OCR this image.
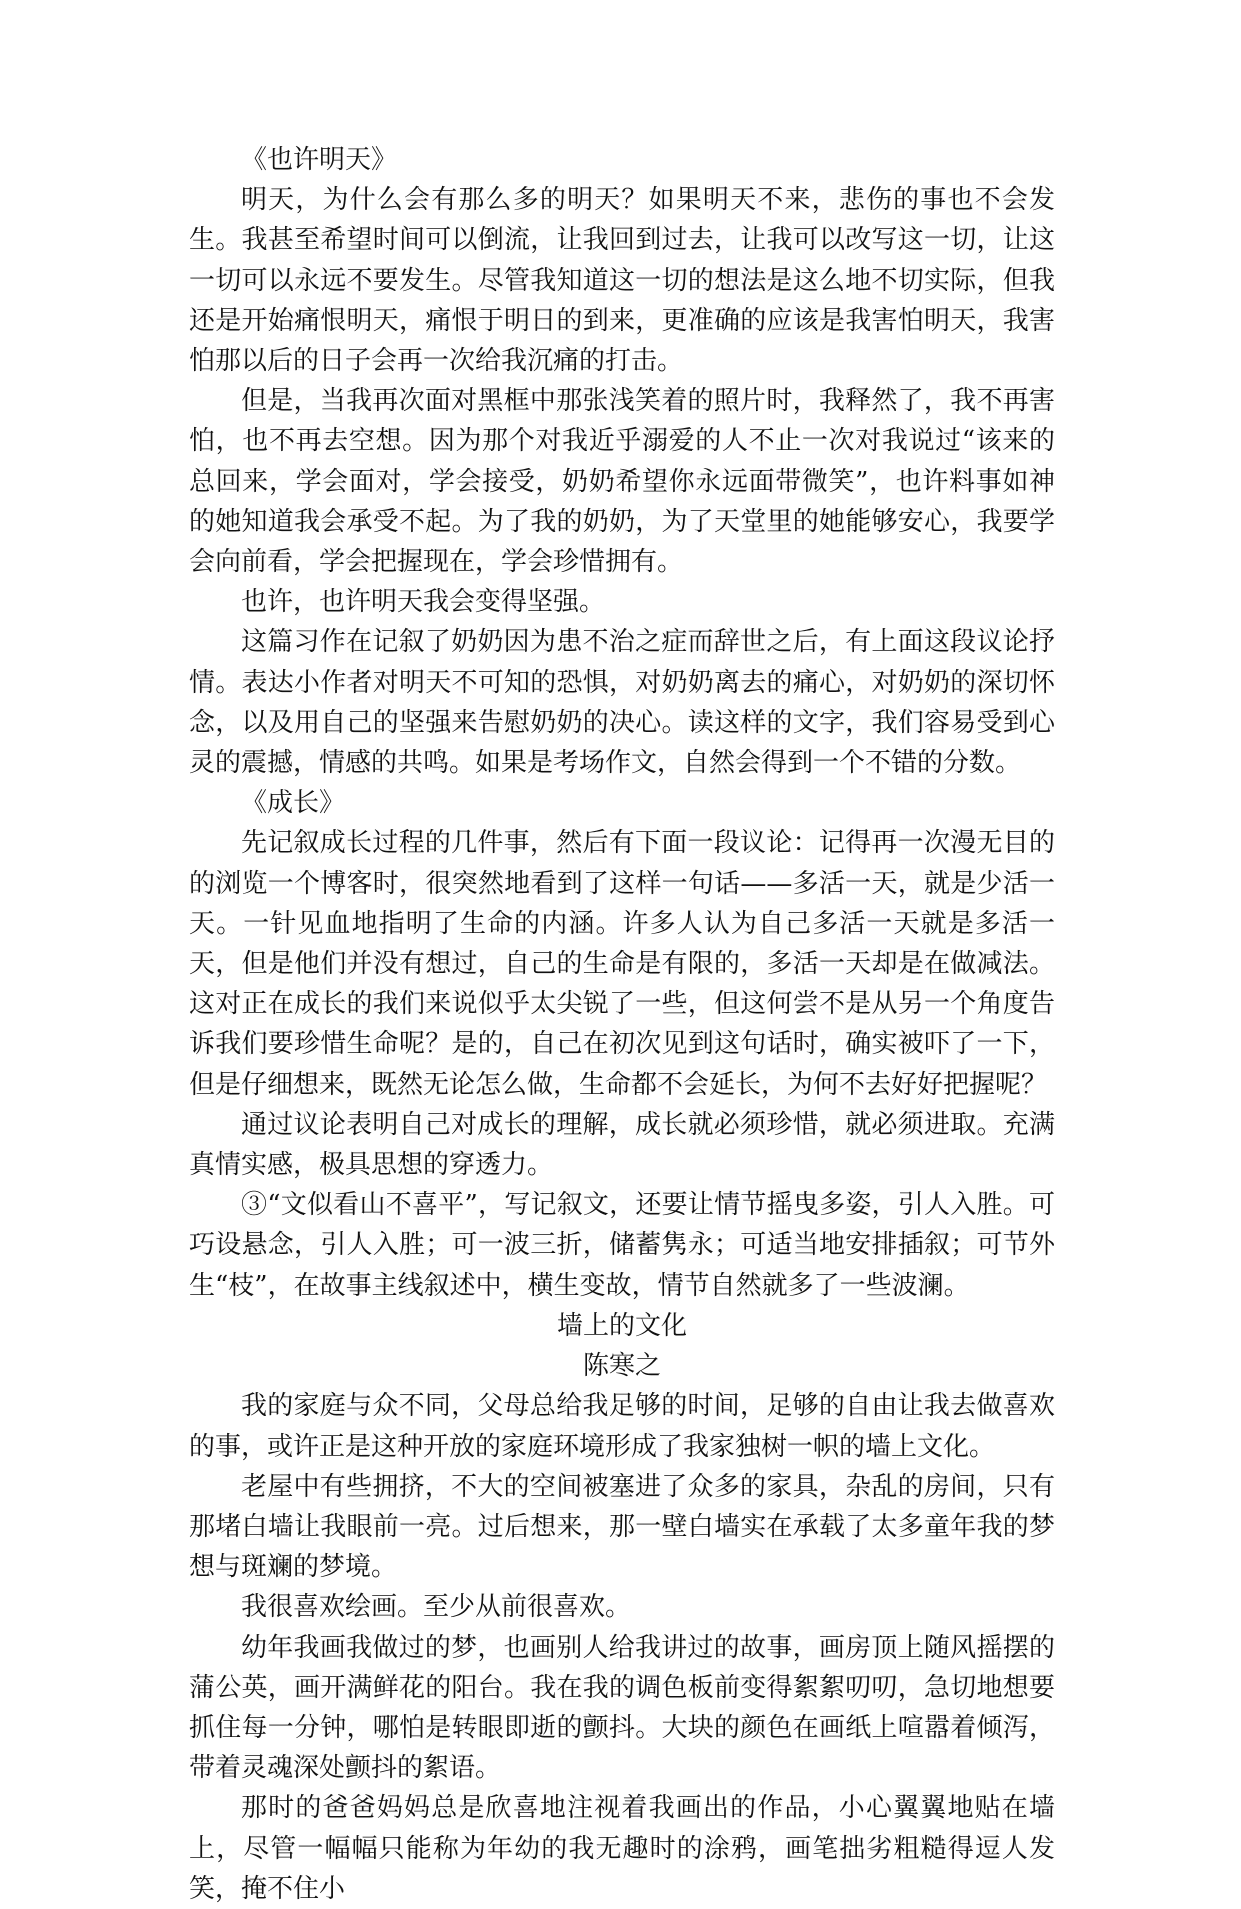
《也许明天》

明天，为什么会有那么多的明天？如果明天不来，悲伤的事也不会发生。我甚至希望时间可以倒流，让我回到过去，让我可以改写这一切，让这一切可以永远不要发生。尽管我知道这一切的想法是这么地不切实际，但我还是开始痛恨明天，痛恨于明日的到来，更准确的应该是我害怕明天，我害怕那以后的日子会再一次给我沉痛的打击。

但是，当我再次面对黑框中那张浅笑着的照片时，我释然了，我不再害怕，也不再去空想。因为那个对我近乎溺爱的人不止一次对我说过“该来的总回来，学会面对，学会接受，奶奶希望你永远面带微笑”，也许料事如神的她知道我会承受不起。为了我的奶奶，为了天堂里的她能够安心，我要学会向前看，学会把握现在，学会珍惜拥有。

也许，也许明天我会变得坚强。

这篇习作在记叙了奶奶因为患不治之症而辞世之后，有上面这段议论抒情。表达小作者对明天不可知的恐惧，对奶奶离去的痛心，对奶奶的深切怀念，以及用自己的坚强来告慰奶奶的决心。读这样的文字，我们容易受到心灵的震撼，情感的共鸣。如果是考场作文，自然会得到一个不错的分数。

《成长》

先记叙成长过程的几件事，然后有下面一段议论：记得再一次漫无目的的浏览一个博客时，很突然地看到了这样一句话——多活一天，就是少活一天。一针见血地指明了生命的内涵。许多人认为自己多活一天就是多活一天，但是他们并没有想过，自己的生命是有限的，多活一天却是在做减法。这对正在成长的我们来说似乎太尖锐了一些，但这何尝不是从另一个角度告诉我们要珍惜生命呢？是的，自己在初次见到这句话时，确实被吓了一下，但是仔细想来，既然无论怎么做，生命都不会延长，为何不去好好把握呢？

通过议论表明自己对成长的理解，成长就必须珍惜，就必须进取。充满真情实感，极具思想的穿透力。

③“文似看山不喜平”，写记叙文，还要让情节摇曳多姿，引人入胜。可巧设悬念，引人入胜；可一波三折，储蓄隽永；可适当地安排插叙；可节外生“枝”，在故事主线叙述中，横生变故，情节自然就多了一些波澜。

墙上的文化

陈寒之

我的家庭与众不同，父母总给我足够的时间，足够的自由让我去做喜欢的事，或许正是这种开放的家庭环境形成了我家独树一帜的墙上文化。

老屋中有些拥挤，不大的空间被塞进了众多的家具，杂乱的房间，只有那堵白墙让我眼前一亮。过后想来，那一壁白墙实在承载了太多童年我的梦想与斑斓的梦境。

我很喜欢绘画。至少从前很喜欢。

幼年我画我做过的梦，也画别人给我讲过的故事，画房顶上随风摇摆的蒲公英，画开满鲜花的阳台。我在我的调色板前变得絮絮叨叨，急切地想要抓住每一分钟，哪怕是转眼即逝的颤抖。大块的颜色在画纸上喧嚣着倾泻，带着灵魂深处颤抖的絮语。

那时的爸爸妈妈总是欣喜地注视着我画出的作品，小心翼翼地贴在墙上，尽管一幅幅只能称为年幼的我无趣时的涂鸦，画笔拙劣粗糙得逗人发笑，掩不住小
